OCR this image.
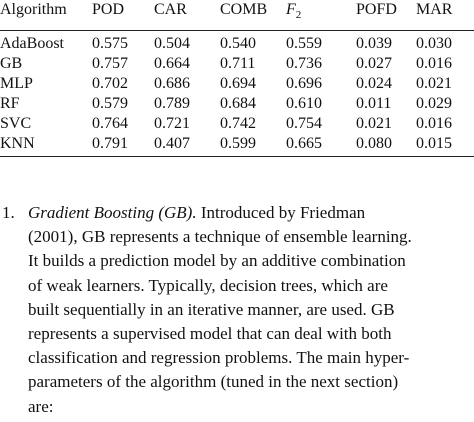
Algorithm	POD	CAR	COMB	$F_2$	POFD	MAR
AdaBoost	0.575	0.504	0.540	0.559	0.039	0.030
GB	0.757	0.664	0.711	0.736	0.027	0.016
MLP	0.702	0.686	0.694	0.696	0.024	0.021
RF	0.579	0.789	0.684	0.610	0.011	0.029
SVC	0.764	0.721	0.742	0.754	0.021	0.016
KNN	0.791	0.407	0.599	0.665	0.080	0.015
1. Gradient Boosting (GB). Introduced by Friedman
(2001), GB represents a technique of ensemble learning.
It builds a prediction model by an additive combination
of weak learners. Typically, decision trees, which are
built sequentially in an iterative manner, are used. GB
represents a supervised model that can deal with both
classification and regression problems. The main hyper-
parameters of the algorithm (tuned in the next section)
are:
